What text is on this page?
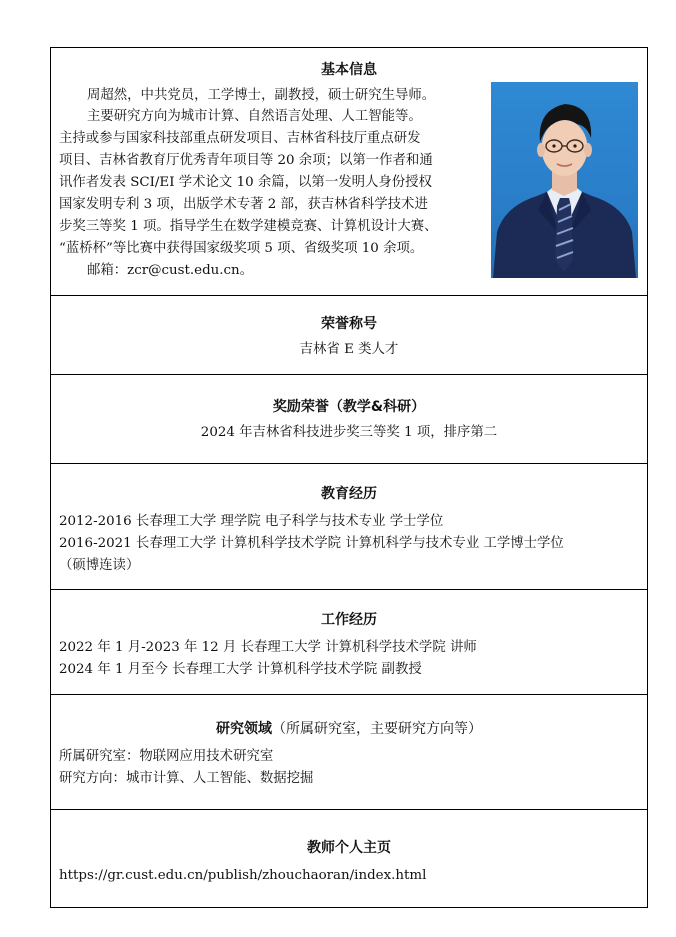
基本信息
周超然，中共党员，工学博士，副教授，硕士研究生导师。
主要研究方向为城市计算、自然语言处理、人工智能等。
主持或参与国家科技部重点研发项目、吉林省科技厅重点研发
项目、吉林省教育厅优秀青年项目等 20 余项；以第一作者和通
讯作者发表 SCI/EI 学术论文 10 余篇，以第一发明人身份授权
国家发明专利 3 项，出版学术专著 2 部，获吉林省科学技术进
步奖三等奖 1 项。指导学生在数学建模竞赛、计算机设计大赛、
“蓝桥杯”等比赛中获得国家级奖项 5 项、省级奖项 10 余项。
邮箱：zcr@cust.edu.cn。
荣誉称号
吉林省 E 类人才
奖励荣誉（教学&科研）
2024 年吉林省科技进步奖三等奖 1 项，排序第二
教育经历
2012-2016 长春理工大学 理学院 电子科学与技术专业 学士学位
2016-2021 长春理工大学 计算机科学技术学院 计算机科学与技术专业 工学博士学位
（硕博连读）
工作经历
2022 年 1 月-2023 年 12 月 长春理工大学 计算机科学技术学院 讲师
2024 年 1 月至今 长春理工大学 计算机科学技术学院 副教授
研究领域（所属研究室，主要研究方向等）
所属研究室：物联网应用技术研究室
研究方向：城市计算、人工智能、数据挖掘
教师个人主页
https://gr.cust.edu.cn/publish/zhouchaoran/index.html
